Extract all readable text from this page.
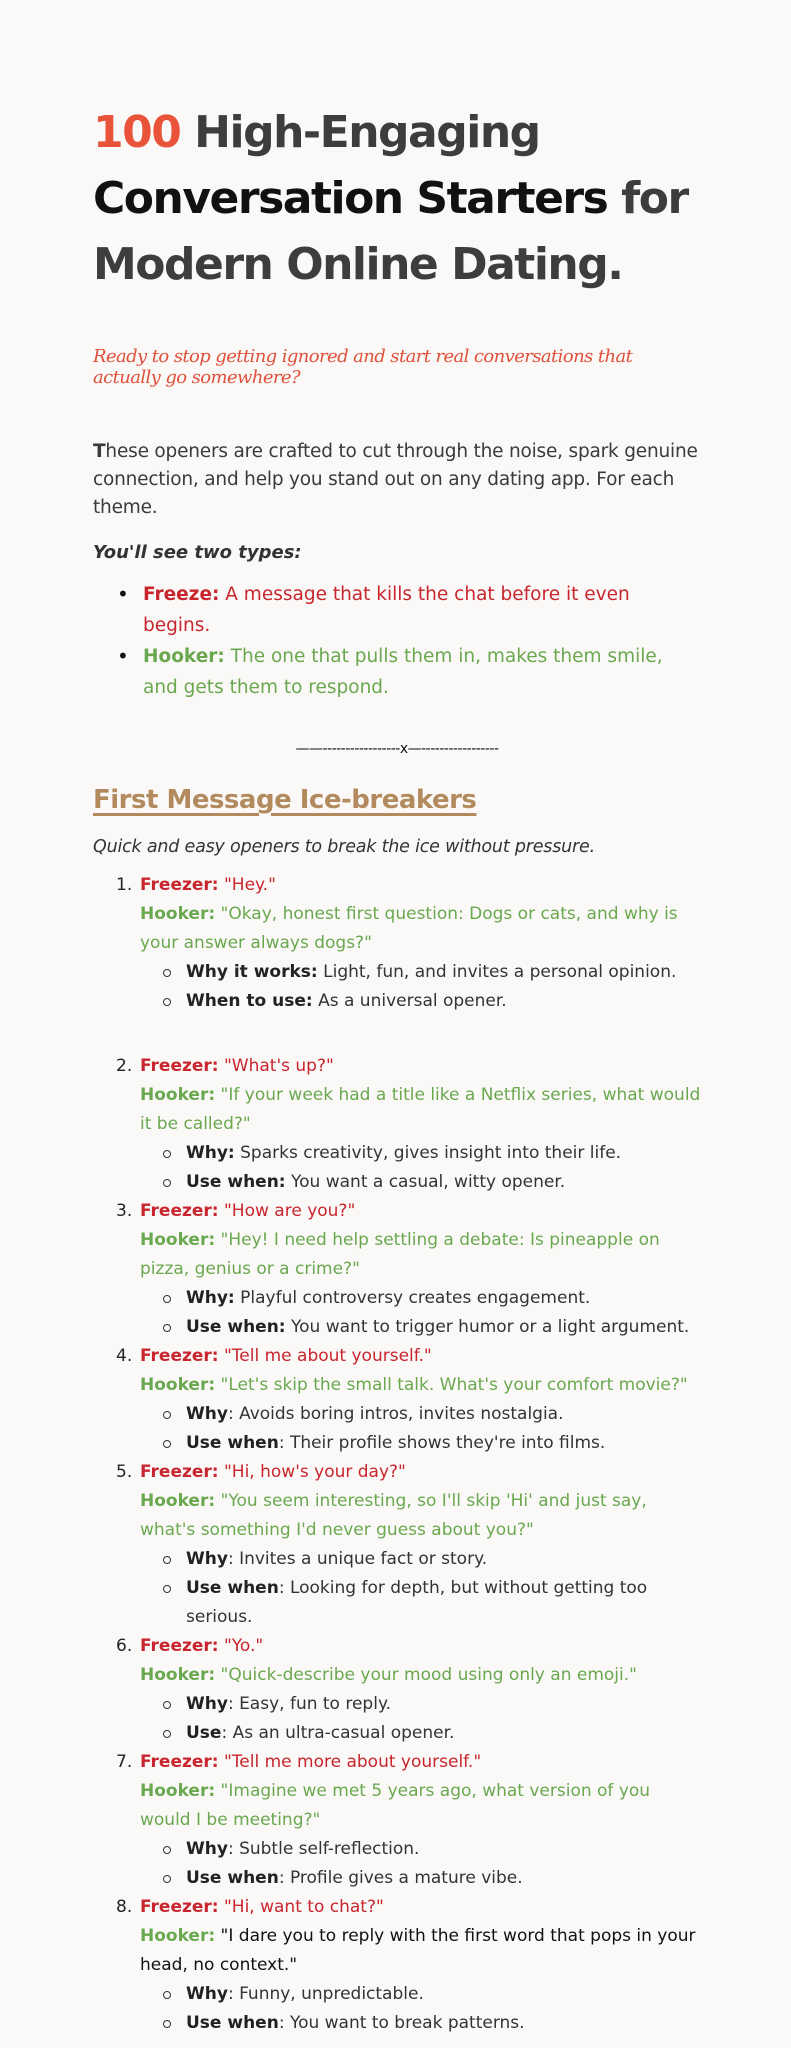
100 High-Engaging
Conversation Starters for
Modern Online Dating.
Ready to stop getting ignored and start real conversations that actually go somewhere?

These openers are crafted to cut through the noise, spark genuine connection, and help you stand out on any dating app. For each theme.

You'll see two types:
• Freeze: A message that kills the chat before it even begins.
• Hooker: The one that pulls them in, makes them smile, and gets them to respond.
——-----------------x—-----------------
First Message Ice-breakers
Quick and easy openers to break the ice without pressure.
1. Freezer: "Hey."
Hooker: "Okay, honest first question: Dogs or cats, and why is your answer always dogs?"
Why it works: Light, fun, and invites a personal opinion.
When to use: As a universal opener.
2. Freezer: "What's up?"
Hooker: "If your week had a title like a Netflix series, what would it be called?"
Why: Sparks creativity, gives insight into their life.
Use when: You want a casual, witty opener.
3. Freezer: "How are you?"
Hooker: "Hey! I need help settling a debate: Is pineapple on pizza, genius or a crime?"
Why: Playful controversy creates engagement.
Use when: You want to trigger humor or a light argument.
4. Freezer: "Tell me about yourself."
Hooker: "Let's skip the small talk. What's your comfort movie?"
Why: Avoids boring intros, invites nostalgia.
Use when: Their profile shows they're into films.
5. Freezer: "Hi, how's your day?"
Hooker: "You seem interesting, so I'll skip 'Hi' and just say, what's something I'd never guess about you?"
Why: Invites a unique fact or story.
Use when: Looking for depth, but without getting too serious.
6. Freezer: "Yo."
Hooker: "Quick-describe your mood using only an emoji."
Why: Easy, fun to reply.
Use: As an ultra-casual opener.
7. Freezer: "Tell me more about yourself."
Hooker: "Imagine we met 5 years ago, what version of you would I be meeting?"
Why: Subtle self-reflection.
Use when: Profile gives a mature vibe.
8. Freezer: "Hi, want to chat?"
Hooker: "I dare you to reply with the first word that pops in your head, no context."
Why: Funny, unpredictable.
Use when: You want to break patterns.
